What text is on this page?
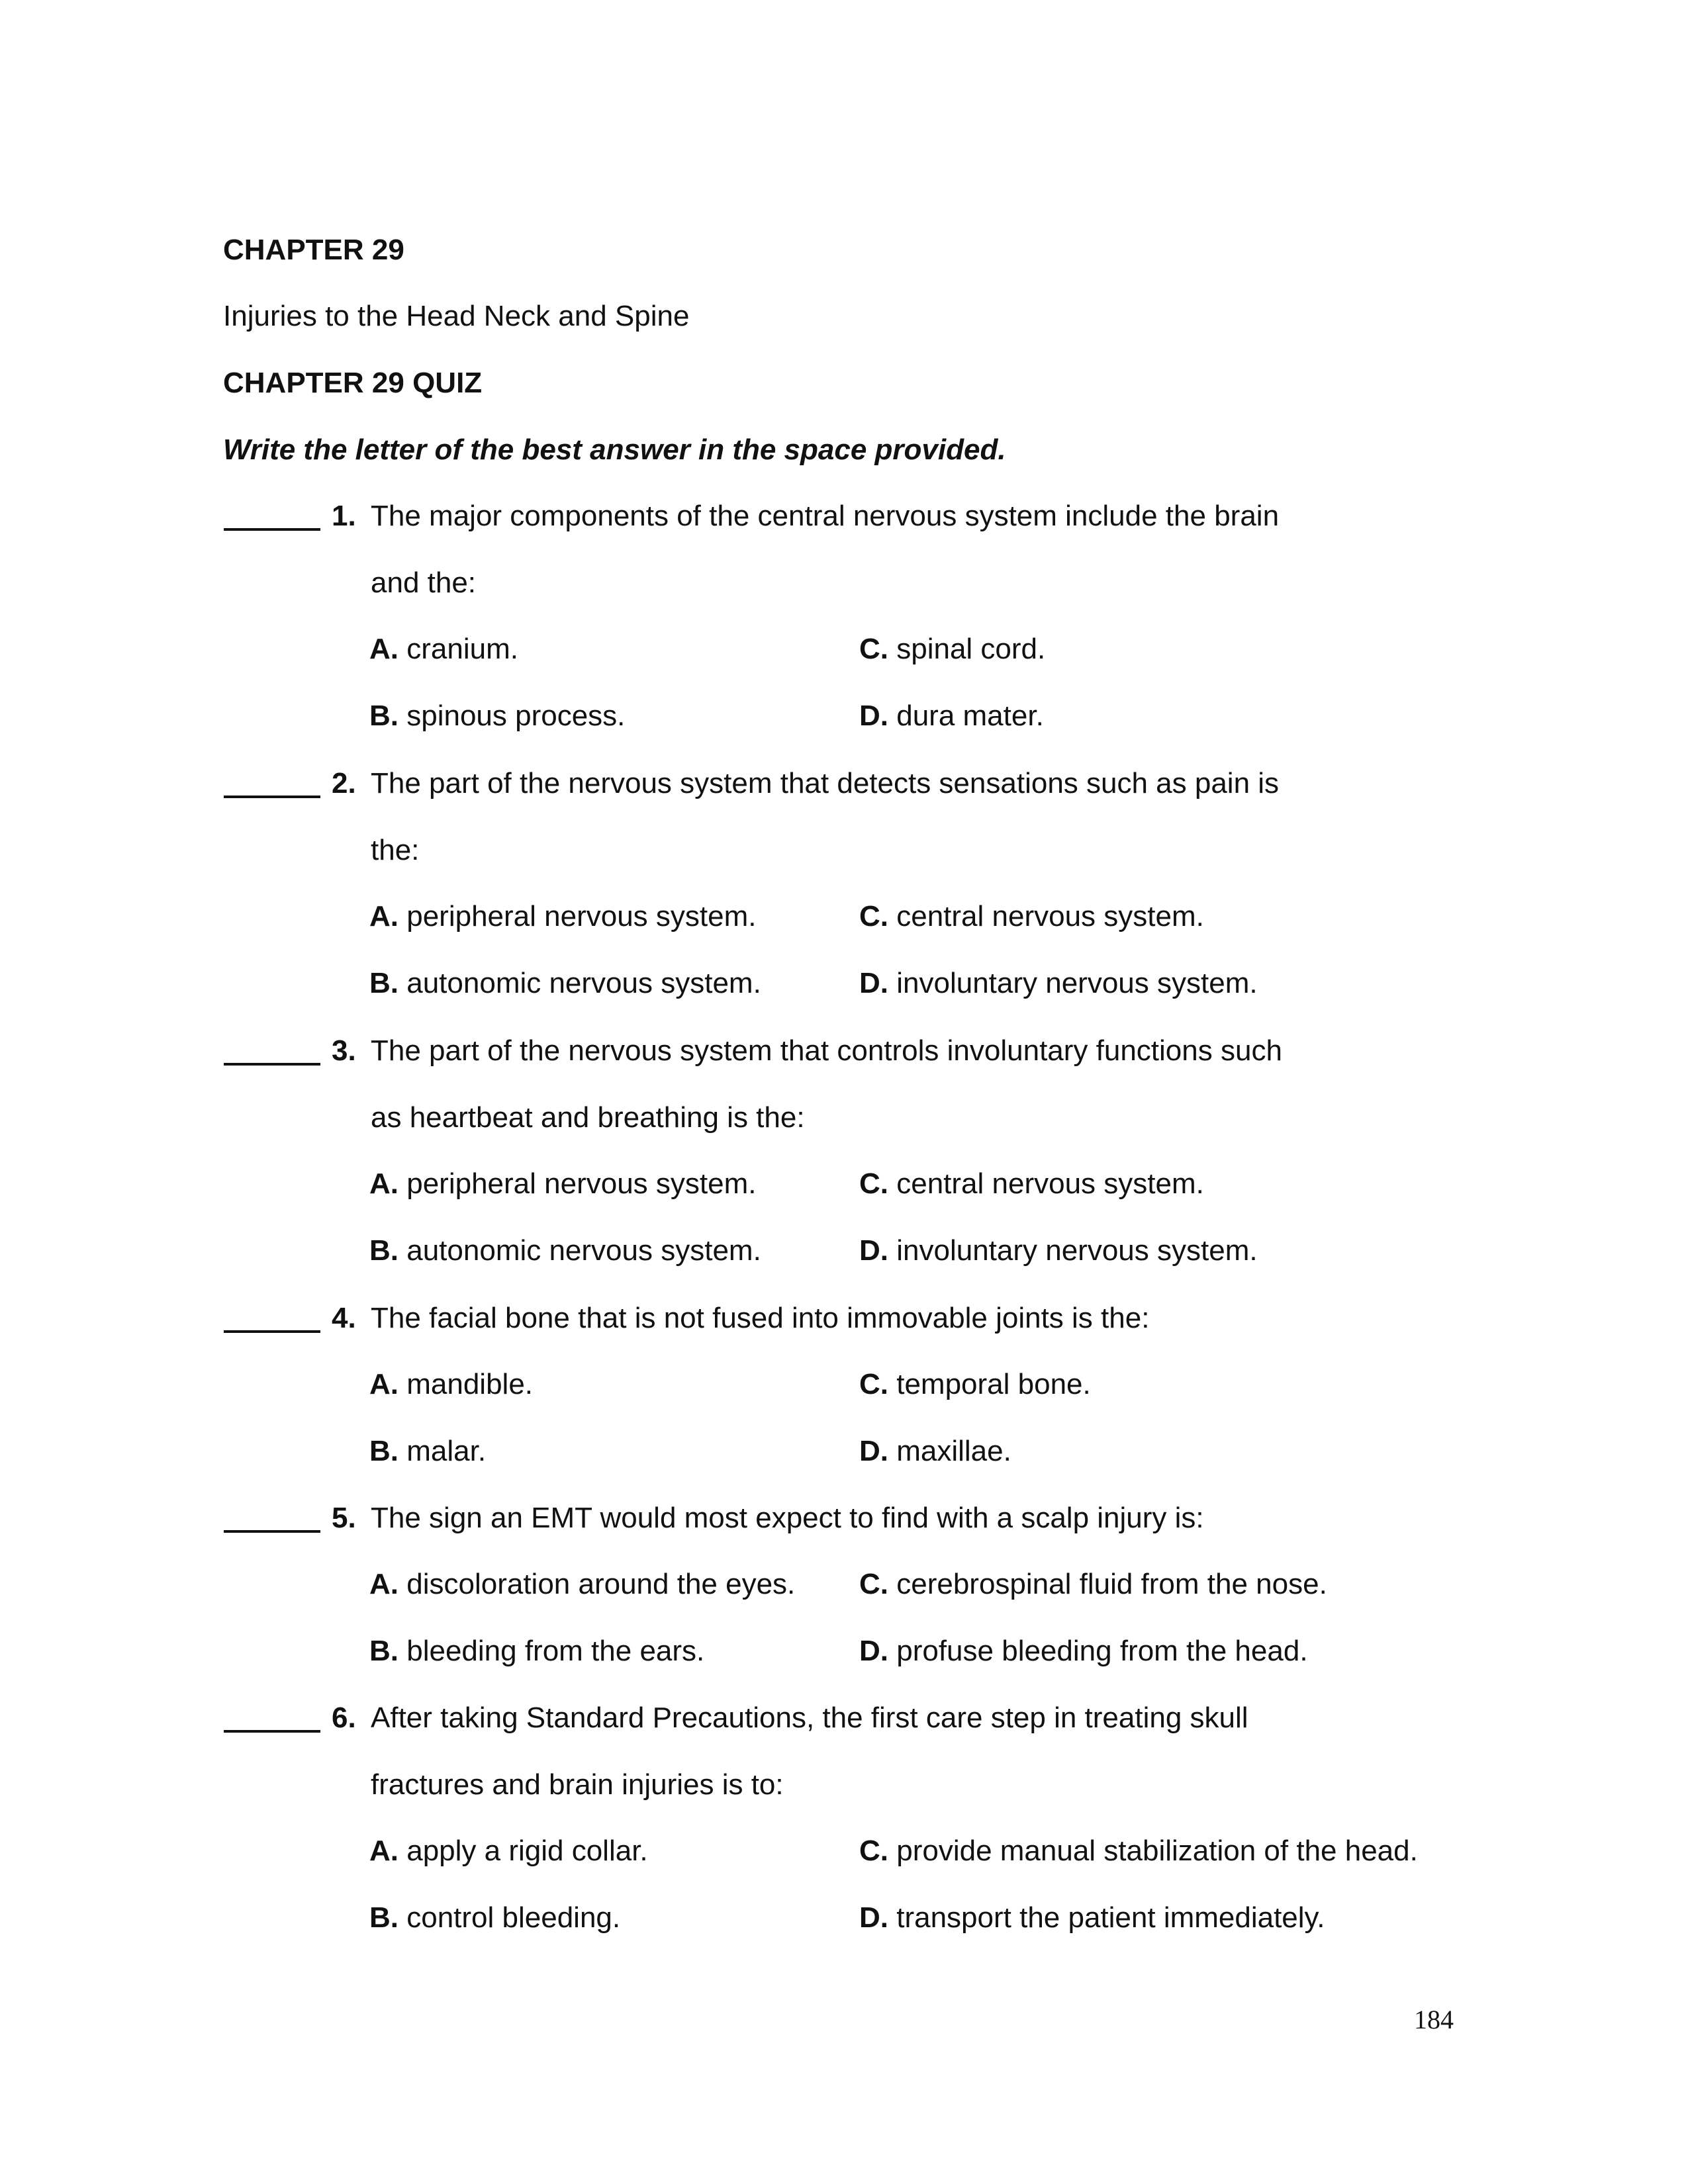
CHAPTER 29
Injuries to the Head Neck and Spine
CHAPTER 29 QUIZ
Write the letter of the best answer in the space provided.
1. The major components of the central nervous system include the brain
and the:
A. cranium.
B. spinous process.
C. spinal cord.
D. dura mater.
2. The part of the nervous system that detects sensations such as pain is
the:
A. peripheral nervous system.
B. autonomic nervous system.
C. central nervous system.
D. involuntary nervous system.
3. The part of the nervous system that controls involuntary functions such
as heartbeat and breathing is the:
A. peripheral nervous system.
B. autonomic nervous system.
C. central nervous system.
D. involuntary nervous system.
4. The facial bone that is not fused into immovable joints is the:
A. mandible.
B. malar.
C. temporal bone.
D. maxillae.
5. The sign an EMT would most expect to find with a scalp injury is:
A. discoloration around the eyes.
B. bleeding from the ears.
C. cerebrospinal fluid from the nose.
D. profuse bleeding from the head.
6. After taking Standard Precautions, the first care step in treating skull
fractures and brain injuries is to:
A. apply a rigid collar.
B. control bleeding.
C. provide manual stabilization of the head.
D. transport the patient immediately.
184
